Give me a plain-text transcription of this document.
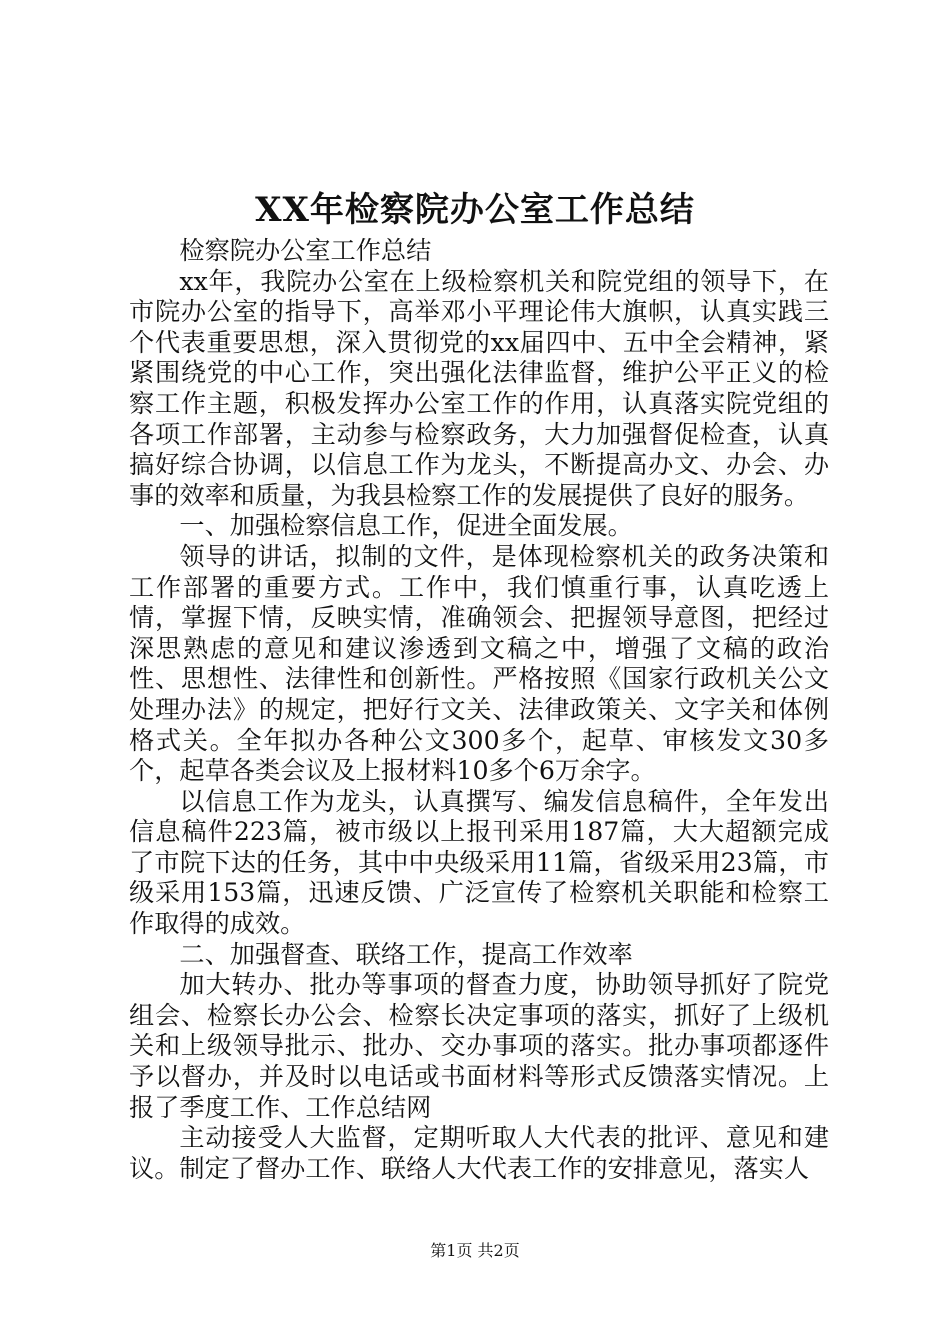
XX年检察院办公室工作总结

检察院办公室工作总结

xx年，我院办公室在上级检察机关和院党组的领导下，在市院办公室的指导下，高举邓小平理论伟大旗帜，认真实践三个代表重要思想，深入贯彻党的xx届四中、五中全会精神，紧紧围绕党的中心工作，突出强化法律监督，维护公平正义的检察工作主题，积极发挥办公室工作的作用，认真落实院党组的各项工作部署，主动参与检察政务，大力加强督促检查，认真搞好综合协调，以信息工作为龙头，不断提高办文、办会、办事的效率和质量，为我县检察工作的发展提供了良好的服务。

一、加强检察信息工作，促进全面发展。

领导的讲话，拟制的文件，是体现检察机关的政务决策和工作部署的重要方式。工作中，我们慎重行事，认真吃透上情，掌握下情，反映实情，准确领会、把握领导意图，把经过深思熟虑的意见和建议渗透到文稿之中，增强了文稿的政治性、思想性、法律性和创新性。严格按照《国家行政机关公文处理办法》的规定，把好行文关、法律政策关、文字关和体例格式关。全年拟办各种公文300多个，起草、审核发文30多个，起草各类会议及上报材料10多个6万余字。

以信息工作为龙头，认真撰写、编发信息稿件，全年发出信息稿件223篇，被市级以上报刊采用187篇，大大超额完成了市院下达的任务，其中中央级采用11篇，省级采用23篇，市级采用153篇，迅速反馈、广泛宣传了检察机关职能和检察工作取得的成效。

二、加强督查、联络工作，提高工作效率

加大转办、批办等事项的督查力度，协助领导抓好了院党组会、检察长办公会、检察长决定事项的落实，抓好了上级机关和上级领导批示、批办、交办事项的落实。批办事项都逐件予以督办，并及时以电话或书面材料等形式反馈落实情况。上报了季度工作、工作总结网

主动接受人大监督，定期听取人大代表的批评、意见和建议。制定了督办工作、联络人大代表工作的安排意见，落实人

第1页 共2页
